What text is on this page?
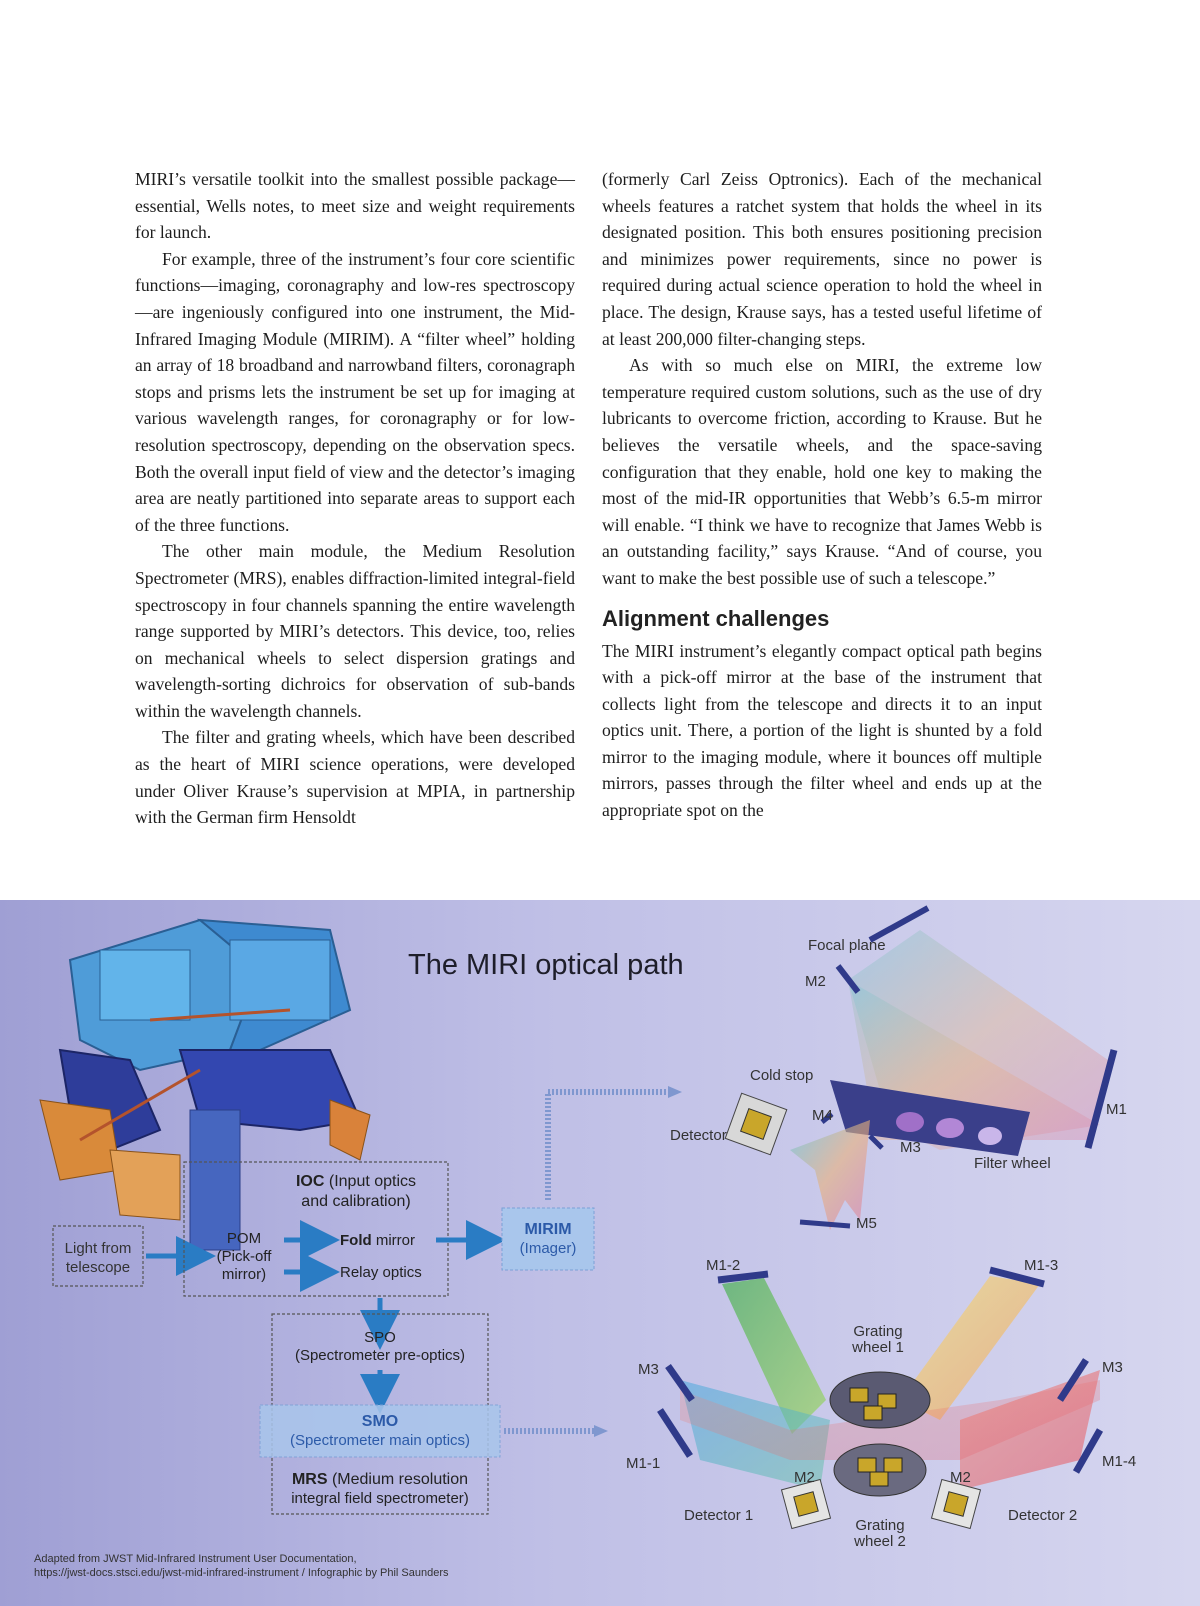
MIRI’s versatile toolkit into the smallest possible package—essential, Wells notes, to meet size and weight requirements for launch.

For example, three of the instrument’s four core scientific functions—imaging, coronagraphy and low-res spectroscopy—are ingeniously configured into one instrument, the Mid-Infrared Imaging Module (MIRIM). A “filter wheel” holding an array of 18 broadband and narrowband filters, coronagraph stops and prisms lets the instrument be set up for imaging at various wavelength ranges, for coronagraphy or for low-resolution spectroscopy, depending on the observation specs. Both the overall input field of view and the detector’s imaging area are neatly partitioned into separate areas to support each of the three functions.

The other main module, the Medium Resolution Spectrometer (MRS), enables diffraction-limited integral-field spectroscopy in four channels spanning the entire wavelength range supported by MIRI’s detectors. This device, too, relies on mechanical wheels to select dispersion gratings and wavelength-sorting dichroics for observation of sub-bands within the wavelength channels.

The filter and grating wheels, which have been described as the heart of MIRI science operations, were developed under Oliver Krause’s supervision at MPIA, in partnership with the German firm Hensoldt

(formerly Carl Zeiss Optronics). Each of the mechanical wheels features a ratchet system that holds the wheel in its designated position. This both ensures positioning precision and minimizes power requirements, since no power is required during actual science operation to hold the wheel in place. The design, Krause says, has a tested useful lifetime of at least 200,000 filter-changing steps.

As with so much else on MIRI, the extreme low temperature required custom solutions, such as the use of dry lubricants to overcome friction, according to Krause. But he believes the versatile wheels, and the space-saving configuration that they enable, hold one key to making the most of the mid-IR opportunities that Webb’s 6.5-m mirror will enable. “I think we have to recognize that James Webb is an outstanding facility,” says Krause. “And of course, you want to make the best possible use of such a telescope.”

Alignment challenges

The MIRI instrument’s elegantly compact optical path begins with a pick-off mirror at the base of the instrument that collects light from the telescope and directs it to an input optics unit. There, a portion of the light is shunted by a fold mirror to the imaging module, where it bounces off multiple mirrors, passes through the filter wheel and ends up at the appropriate spot on the

The MIRI optical path
Light from
telescope
IOC (Input optics
and calibration)
POM
(Pick-off
mirror)
Fold mirror
Relay optics
MIRIM
(Imager)
SPO
(Spectrometer pre-optics)
SMO
(Spectrometer main optics)
MRS (Medium resolution
integral field spectrometer)
Focal plane
M2
M1
Cold stop
M4
Detector
M3
Filter wheel
M5
M1-2	M1-3
Grating
wheel 1
M3	M3
M1-1	M1-4
M2	M2
Detector 1	Detector 2
Grating
wheel 2
Adapted from JWST Mid-Infrared Instrument User Documentation,
https://jwst-docs.stsci.edu/jwst-mid-infrared-instrument / Infographic by Phil Saunders
